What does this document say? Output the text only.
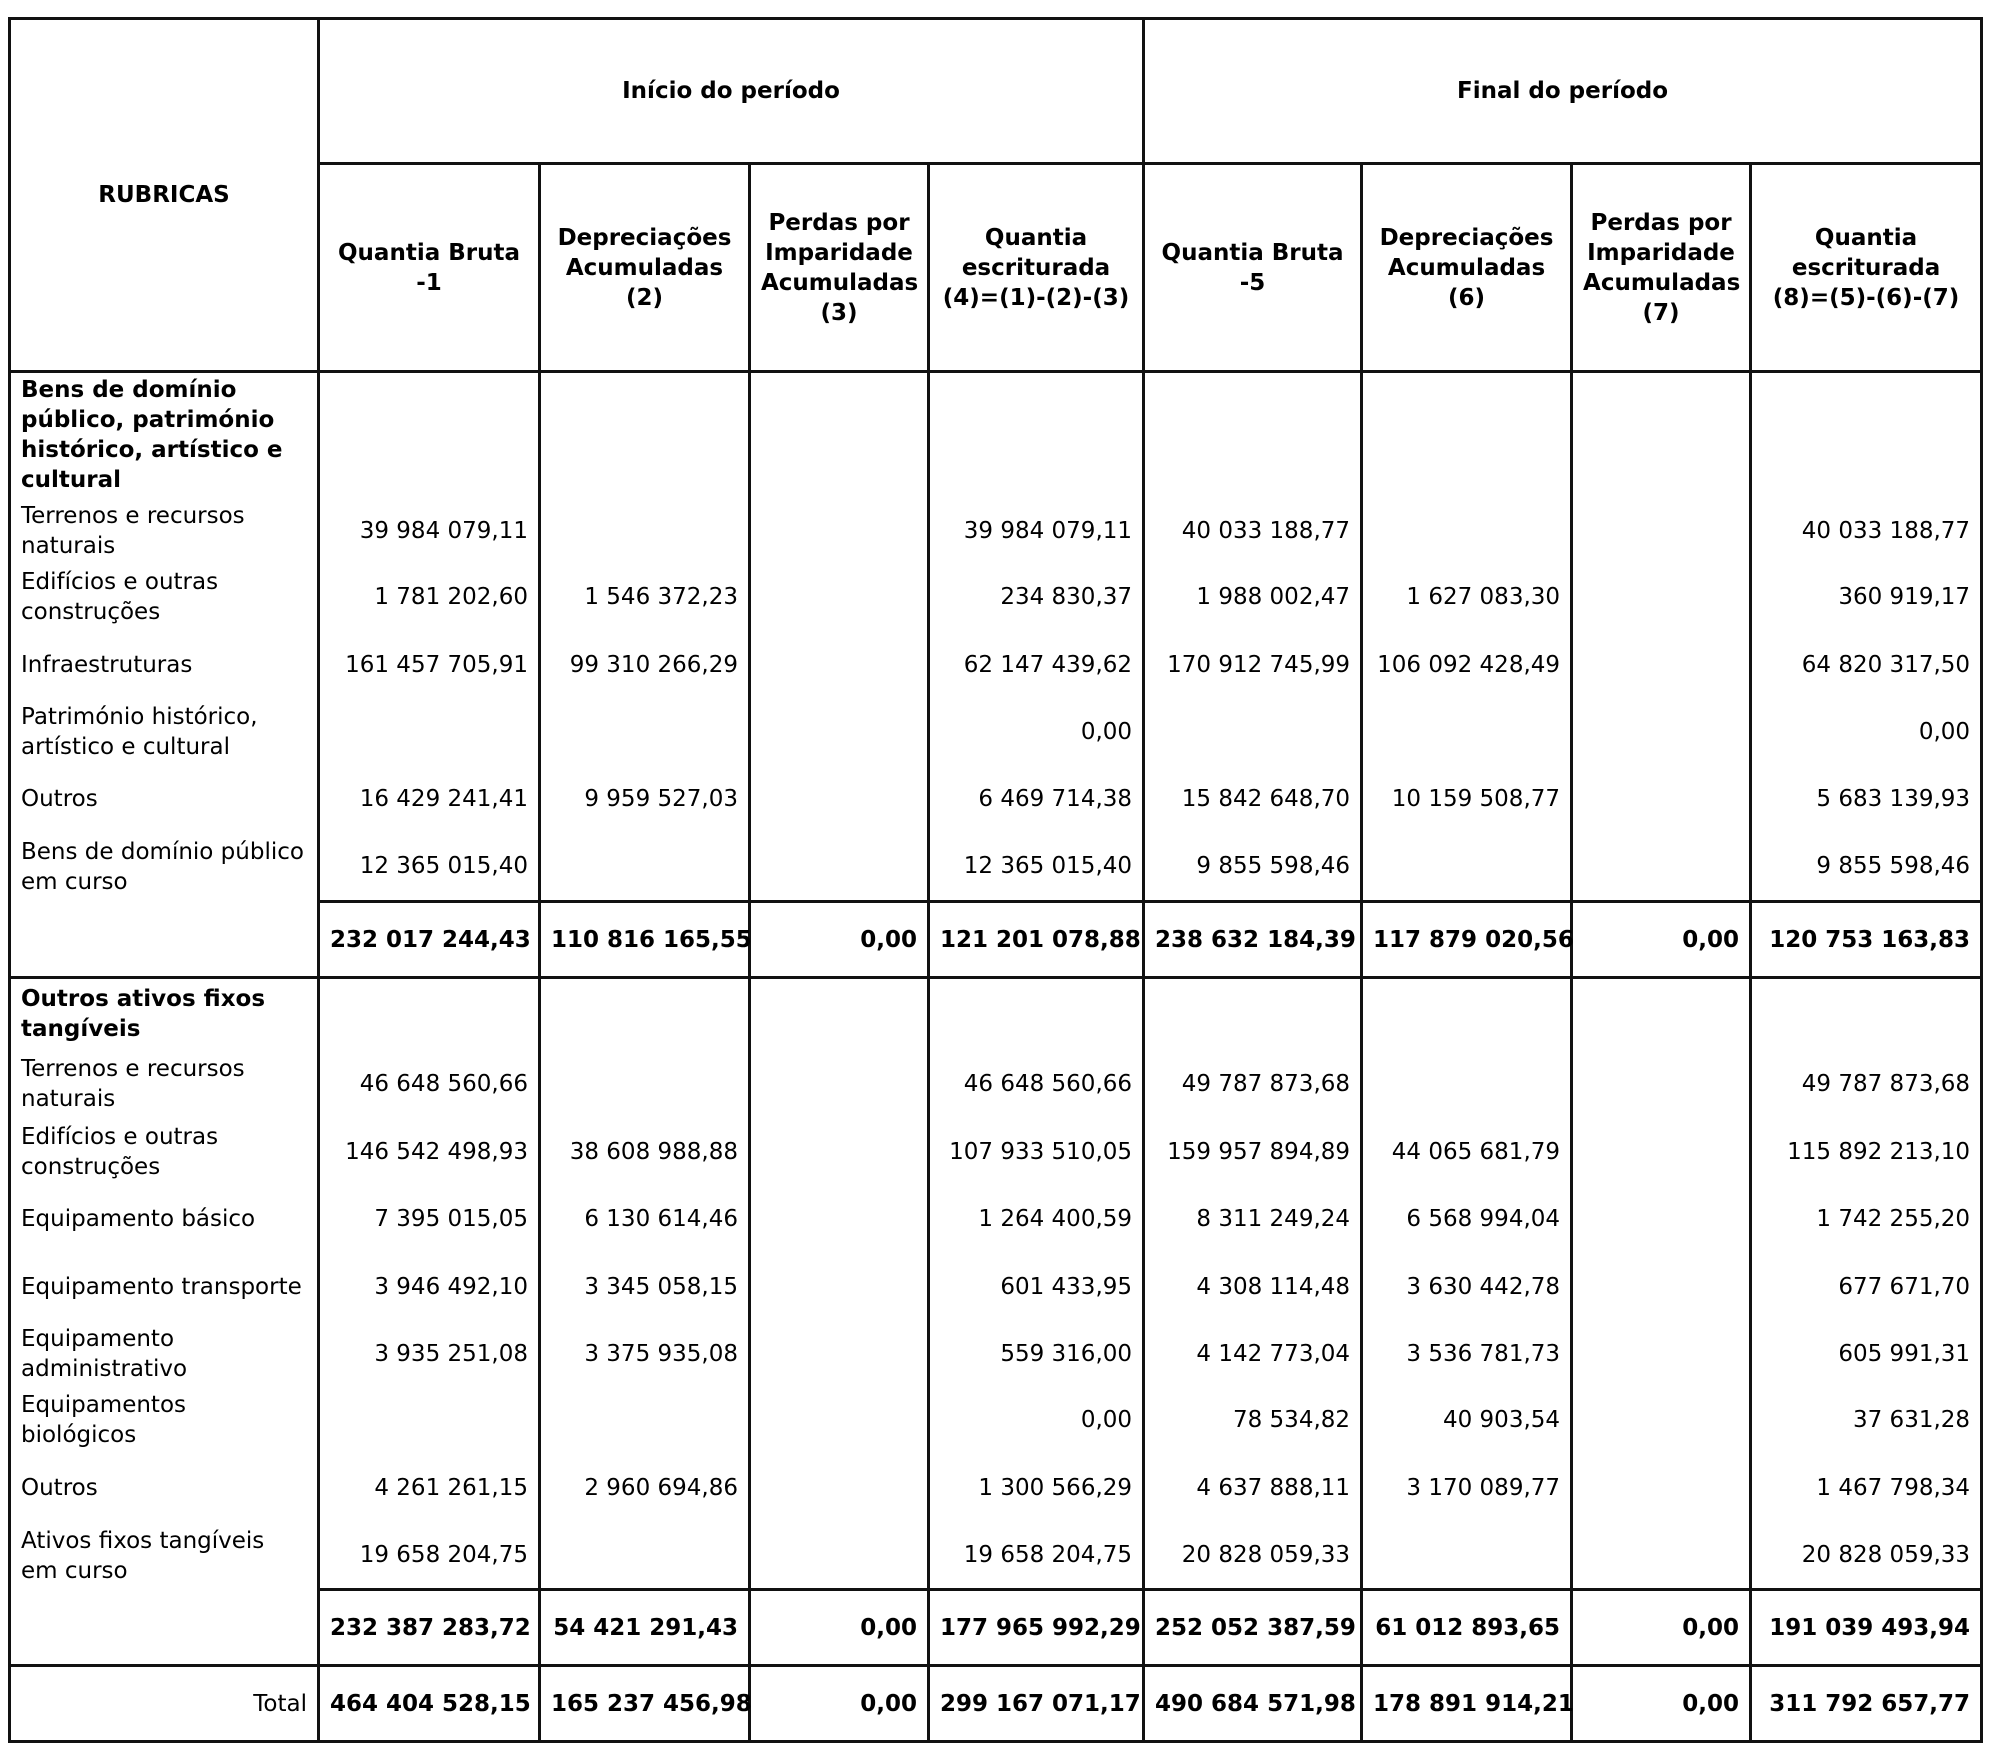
RUBRICAS	Início do período				Final do período			
	Quantia Bruta -1	Depreciações Acumuladas (2)	Perdas por Imparidade Acumuladas (3)	Quantia escriturada (4)=(1)-(2)-(3)	Quantia Bruta -5	Depreciações Acumuladas (6)	Perdas por Imparidade Acumuladas (7)	Quantia escriturada (8)=(5)-(6)-(7)
Bens de domínio público, património histórico, artístico e cultural								
Terrenos e recursos naturais	39 984 079,11			39 984 079,11	40 033 188,77			40 033 188,77
Edifícios e outras construções	1 781 202,60	1 546 372,23		234 830,37	1 988 002,47	1 627 083,30		360 919,17
Infraestruturas	161 457 705,91	99 310 266,29		62 147 439,62	170 912 745,99	106 092 428,49		64 820 317,50
Património histórico, artístico e cultural				0,00				0,00
Outros	16 429 241,41	9 959 527,03		6 469 714,38	15 842 648,70	10 159 508,77		5 683 139,93
Bens de domínio público em curso	12 365 015,40			12 365 015,40	9 855 598,46			9 855 598,46
	232 017 244,43	110 816 165,55	0,00	121 201 078,88	238 632 184,39	117 879 020,56	0,00	120 753 163,83
Outros ativos fixos tangíveis								
Terrenos e recursos naturais	46 648 560,66			46 648 560,66	49 787 873,68			49 787 873,68
Edifícios e outras construções	146 542 498,93	38 608 988,88		107 933 510,05	159 957 894,89	44 065 681,79		115 892 213,10
Equipamento básico	7 395 015,05	6 130 614,46		1 264 400,59	8 311 249,24	6 568 994,04		1 742 255,20
Equipamento transporte	3 946 492,10	3 345 058,15		601 433,95	4 308 114,48	3 630 442,78		677 671,70
Equipamento administrativo	3 935 251,08	3 375 935,08		559 316,00	4 142 773,04	3 536 781,73		605 991,31
Equipamentos biológicos				0,00	78 534,82	40 903,54		37 631,28
Outros	4 261 261,15	2 960 694,86		1 300 566,29	4 637 888,11	3 170 089,77		1 467 798,34
Ativos fixos tangíveis em curso	19 658 204,75			19 658 204,75	20 828 059,33			20 828 059,33
	232 387 283,72	54 421 291,43	0,00	177 965 992,29	252 052 387,59	61 012 893,65	0,00	191 039 493,94
Total	464 404 528,15	165 237 456,98	0,00	299 167 071,17	490 684 571,98	178 891 914,21	0,00	311 792 657,77
